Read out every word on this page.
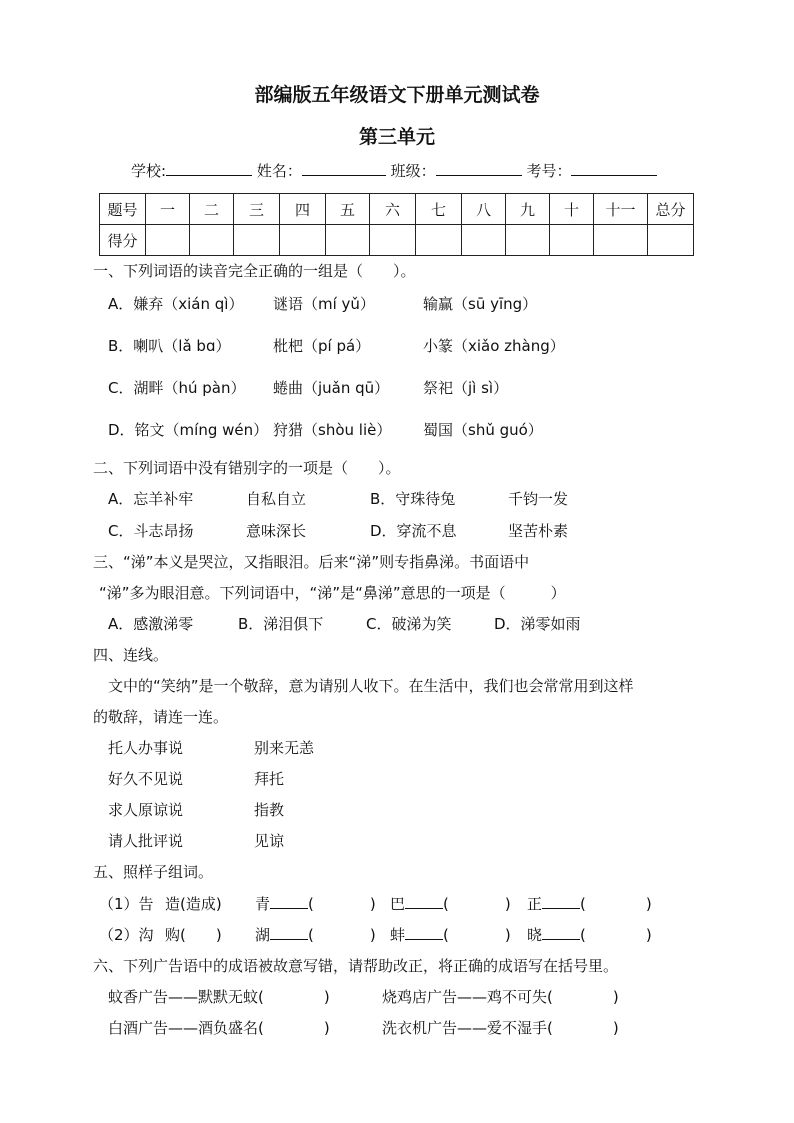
部编版五年级语文下册单元测试卷
第三单元
学校:	姓名：	班级：	考号：
题号	一	二	三	四	五	六	七	八	九	十	十一	总分
得分												
一、下列词语的读音完全正确的一组是（　　）。
A．嫌弃（xián qì） 谜语（mí yǔ）	输赢（sū yīng）
B．喇叭（lǎ bɑ）	枇杷（pí pá）	小篆（xiǎo zhàng）
C．湖畔（hú pàn） 蜷曲（juǎn qū） 祭祀（jì sì）
D．铭文（míng wén） 狩猎（shòu liè） 蜀国（shǔ guó）
二、下列词语中没有错别字的一项是（　　）。
A．忘羊补牢	自私自立	B．守珠待兔	千钧一发
C．斗志昂扬	意味深长	D．穿流不息	坚苦朴素
三、“涕”本义是哭泣，又指眼泪。后来“涕”则专指鼻涕。书面语中
“涕”多为眼泪意。下列词语中，“涕”是“鼻涕”意思的一项是（　　　）
A．感激涕零	B．涕泪俱下	C．破涕为笑	D．涕零如雨
四、连线。
文中的“笑纳”是一个敬辞，意为请别人收下。在生活中，我们也会常常用到这样
的敬辞，请连一连。
托人办事说	别来无恙
好久不见说	拜托
求人原谅说	指教
请人批评说	见谅
五、照样子组词。
（1）告 造(造成) 青	(	) 巴	(	) 正	(	)
（2）沟 购(　　) 湖	(	) 蚌	(	) 晓	(	)
六、下列广告语中的成语被故意写错，请帮助改正，将正确的成语写在括号里。
蚊香广告——默默无蚊(　　　　)	烧鸡店广告——鸡不可失(　　　　)
白酒广告——酒负盛名(　　　　)	洗衣机广告——爱不湿手(　　　　)
